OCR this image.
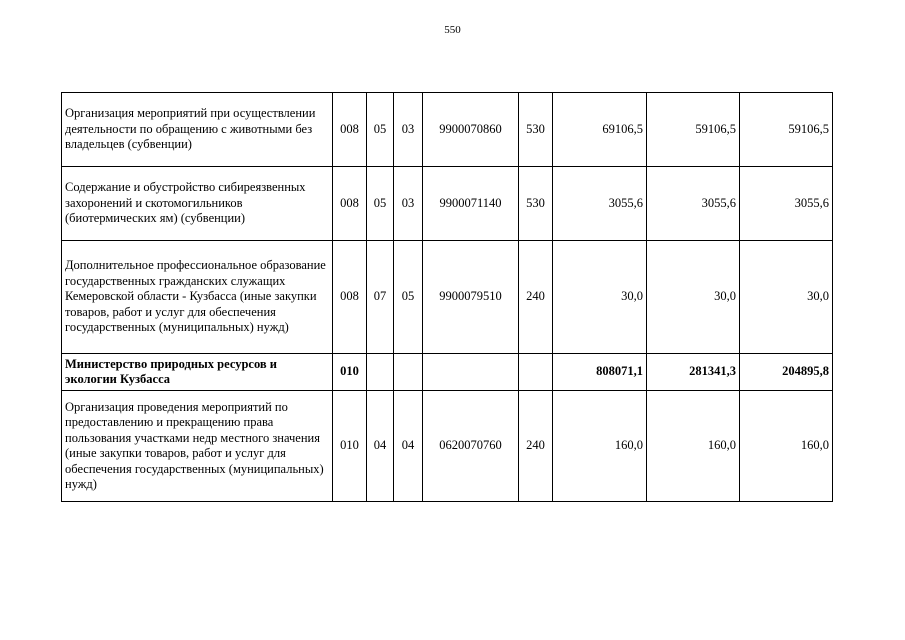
550
Организация мероприятий при осуществлении деятельности по обращению с животными без владельцев (субвенции)	008	05	03	9900070860	530	69106,5	59106,5	59106,5
Содержание и обустройство сибиреязвенных захоронений и скотомогильников (биотермических ям) (субвенции)	008	05	03	9900071140	530	3055,6	3055,6	3055,6
Дополнительное профессиональное образование государственных гражданских служащих Кемеровской области - Кузбасса (иные закупки товаров, работ и услуг для обеспечения государственных (муниципальных) нужд)	008	07	05	9900079510	240	30,0	30,0	30,0
Министерство природных ресурсов и экологии Кузбасса	010					808071,1	281341,3	204895,8
Организация проведения мероприятий по предоставлению и прекращению права пользования участками недр местного значения (иные закупки товаров, работ и услуг для обеспечения государственных (муниципальных) нужд)	010	04	04	0620070760	240	160,0	160,0	160,0
